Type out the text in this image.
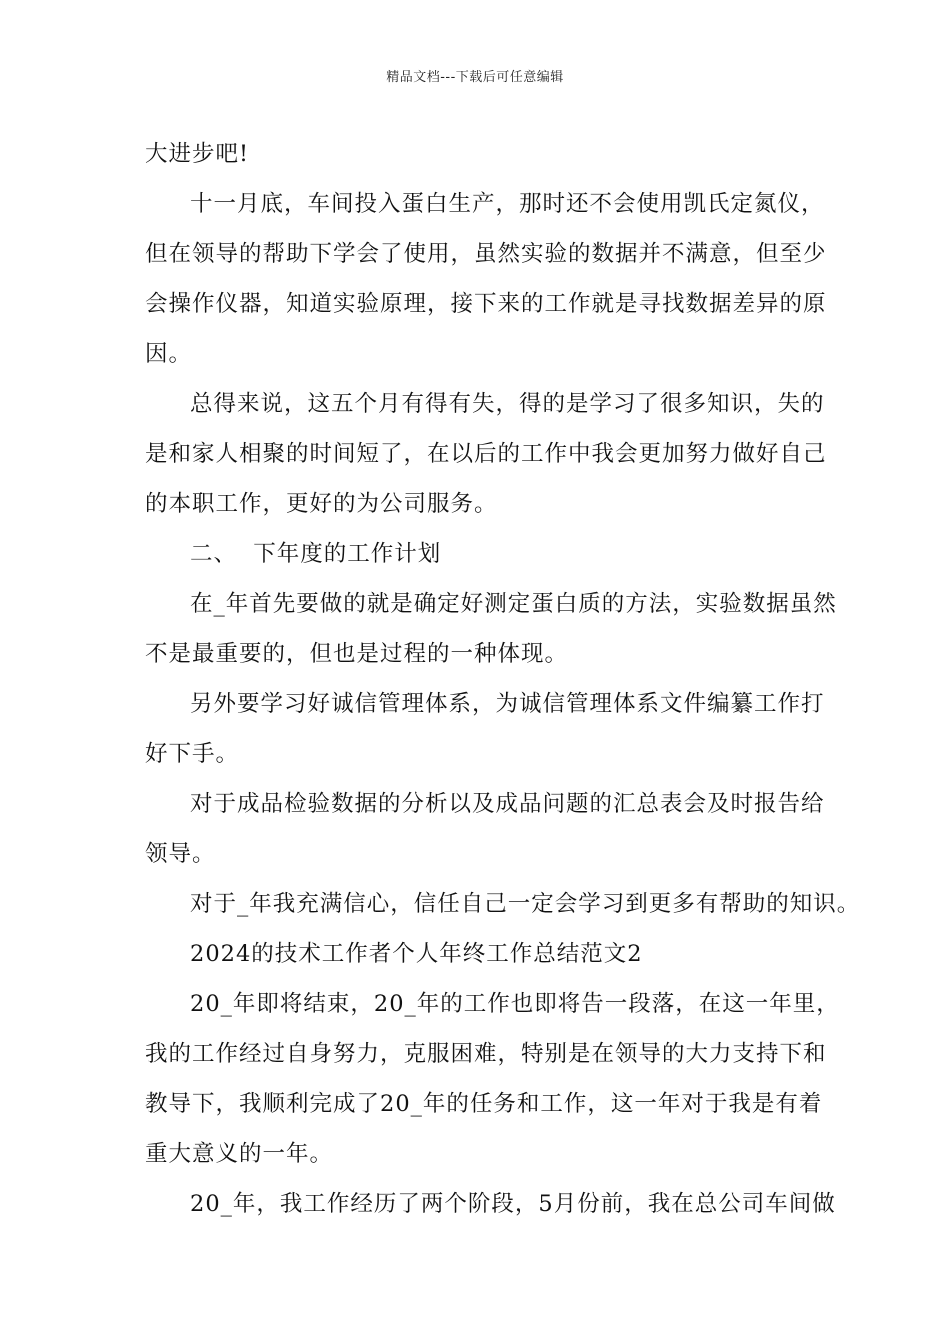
精品文档---下载后可任意编辑
大进步吧!
十一月底，车间投入蛋白生产，那时还不会使用凯氏定氮仪，
但在领导的帮助下学会了使用，虽然实验的数据并不满意，但至少
会操作仪器，知道实验原理，接下来的工作就是寻找数据差异的原
因。
总得来说，这五个月有得有失，得的是学习了很多知识，失的
是和家人相聚的时间短了，在以后的工作中我会更加努力做好自己
的本职工作，更好的为公司服务。
二、  下年度的工作计划
在_年首先要做的就是确定好测定蛋白质的方法，实验数据虽然
不是最重要的，但也是过程的一种体现。
另外要学习好诚信管理体系，为诚信管理体系文件编纂工作打
好下手。
对于成品检验数据的分析以及成品问题的汇总表会及时报告给
领导。
对于_年我充满信心，信任自己一定会学习到更多有帮助的知识。
2024的技术工作者个人年终工作总结范文2
20_年即将结束，20_年的工作也即将告一段落，在这一年里，
我的工作经过自身努力，克服困难，特别是在领导的大力支持下和
教导下，我顺利完成了20_年的任务和工作，这一年对于我是有着
重大意义的一年。
20_年，我工作经历了两个阶段，5月份前，我在总公司车间做
